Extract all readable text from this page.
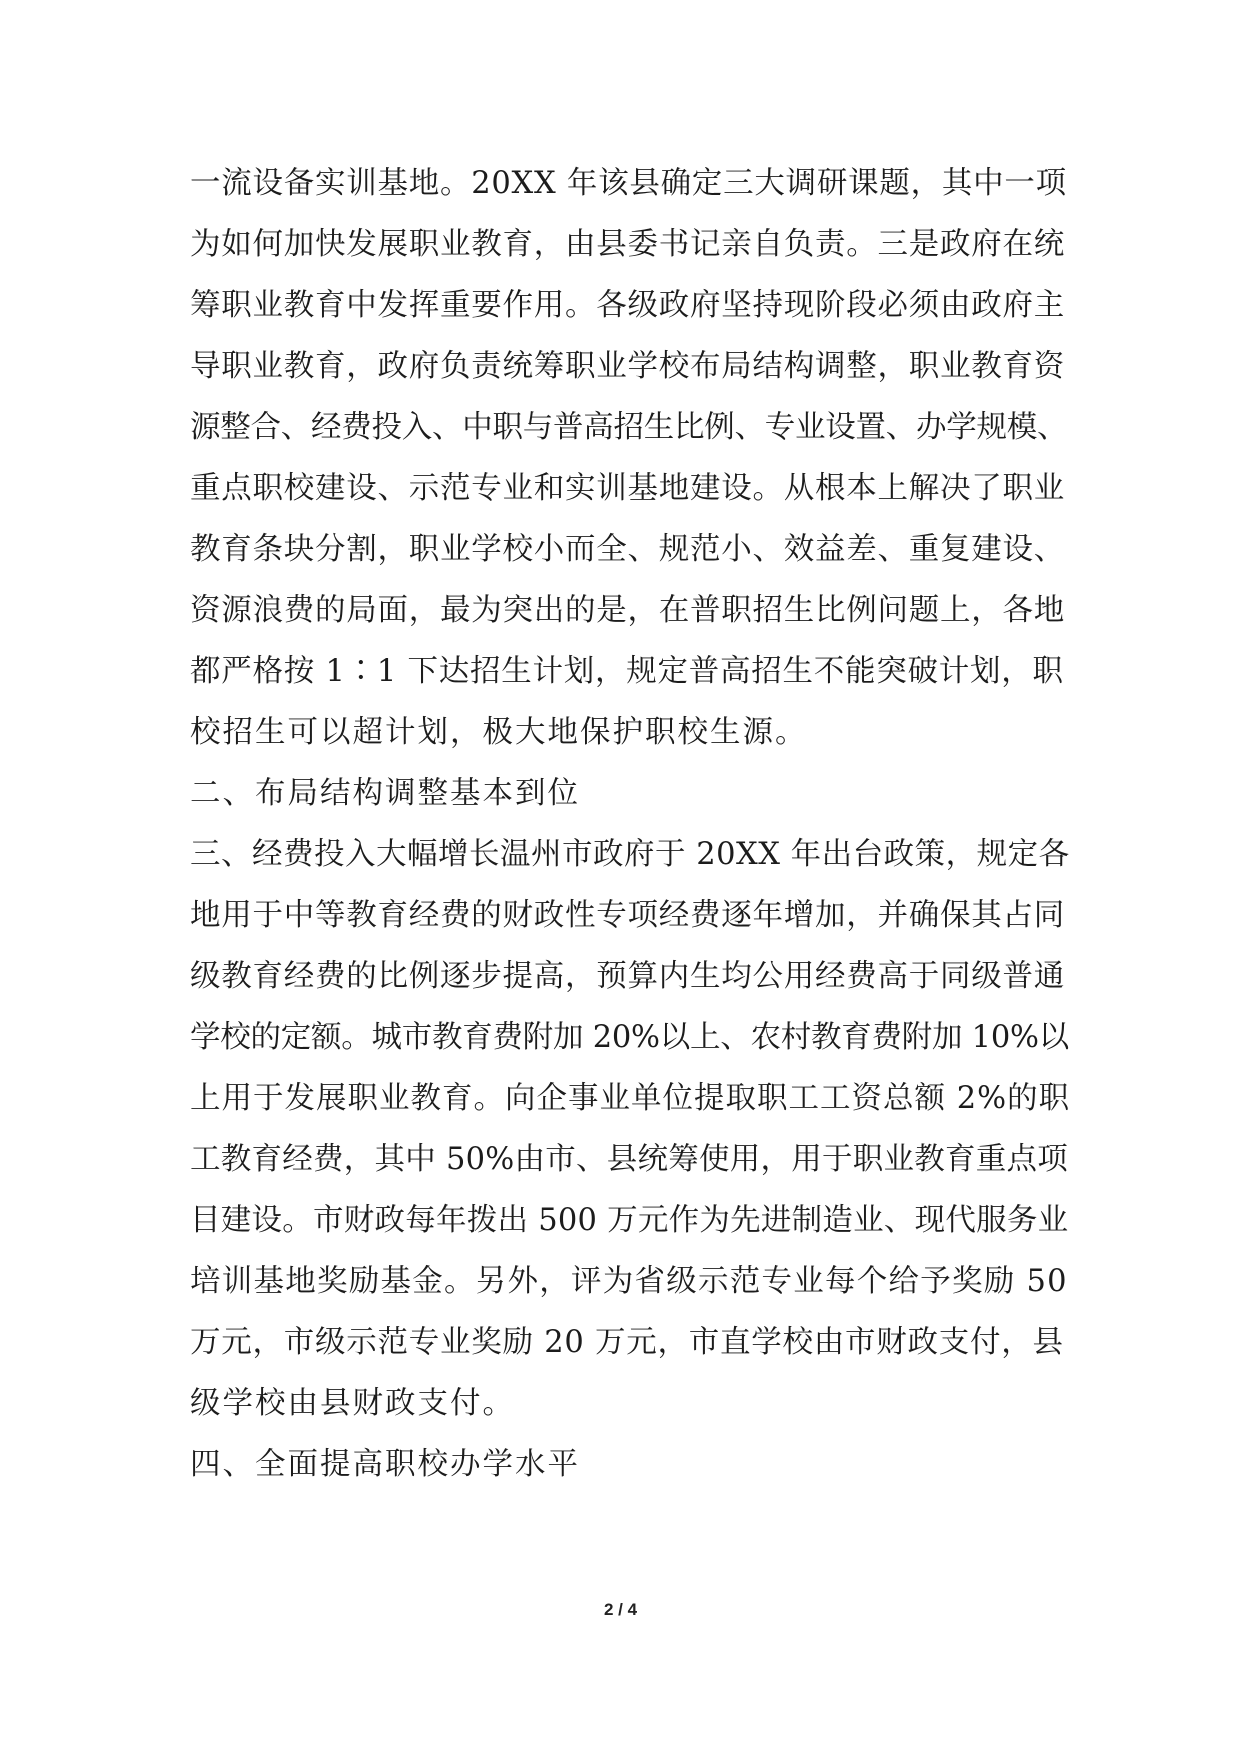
一流设备实训基地。20XX 年该县确定三大调研课题，其中一项
为如何加快发展职业教育，由县委书记亲自负责。三是政府在统
筹职业教育中发挥重要作用。各级政府坚持现阶段必须由政府主
导职业教育，政府负责统筹职业学校布局结构调整，职业教育资
源整合、经费投入、中职与普高招生比例、专业设置、办学规模、
重点职校建设、示范专业和实训基地建设。从根本上解决了职业
教育条块分割，职业学校小而全、规范小、效益差、重复建设、
资源浪费的局面，最为突出的是，在普职招生比例问题上，各地
都严格按 1∶1 下达招生计划，规定普高招生不能突破计划，职
校招生可以超计划，极大地保护职校生源。
二、布局结构调整基本到位
三、经费投入大幅增长温州市政府于 20XX 年出台政策，规定各
地用于中等教育经费的财政性专项经费逐年增加，并确保其占同
级教育经费的比例逐步提高，预算内生均公用经费高于同级普通
学校的定额。城市教育费附加 20%以上、农村教育费附加 10%以
上用于发展职业教育。向企事业单位提取职工工资总额 2%的职
工教育经费，其中 50%由市、县统筹使用，用于职业教育重点项
目建设。市财政每年拨出 500 万元作为先进制造业、现代服务业
培训基地奖励基金。另外，评为省级示范专业每个给予奖励 50
万元，市级示范专业奖励 20 万元，市直学校由市财政支付，县
级学校由县财政支付。
四、全面提高职校办学水平
2 / 4
